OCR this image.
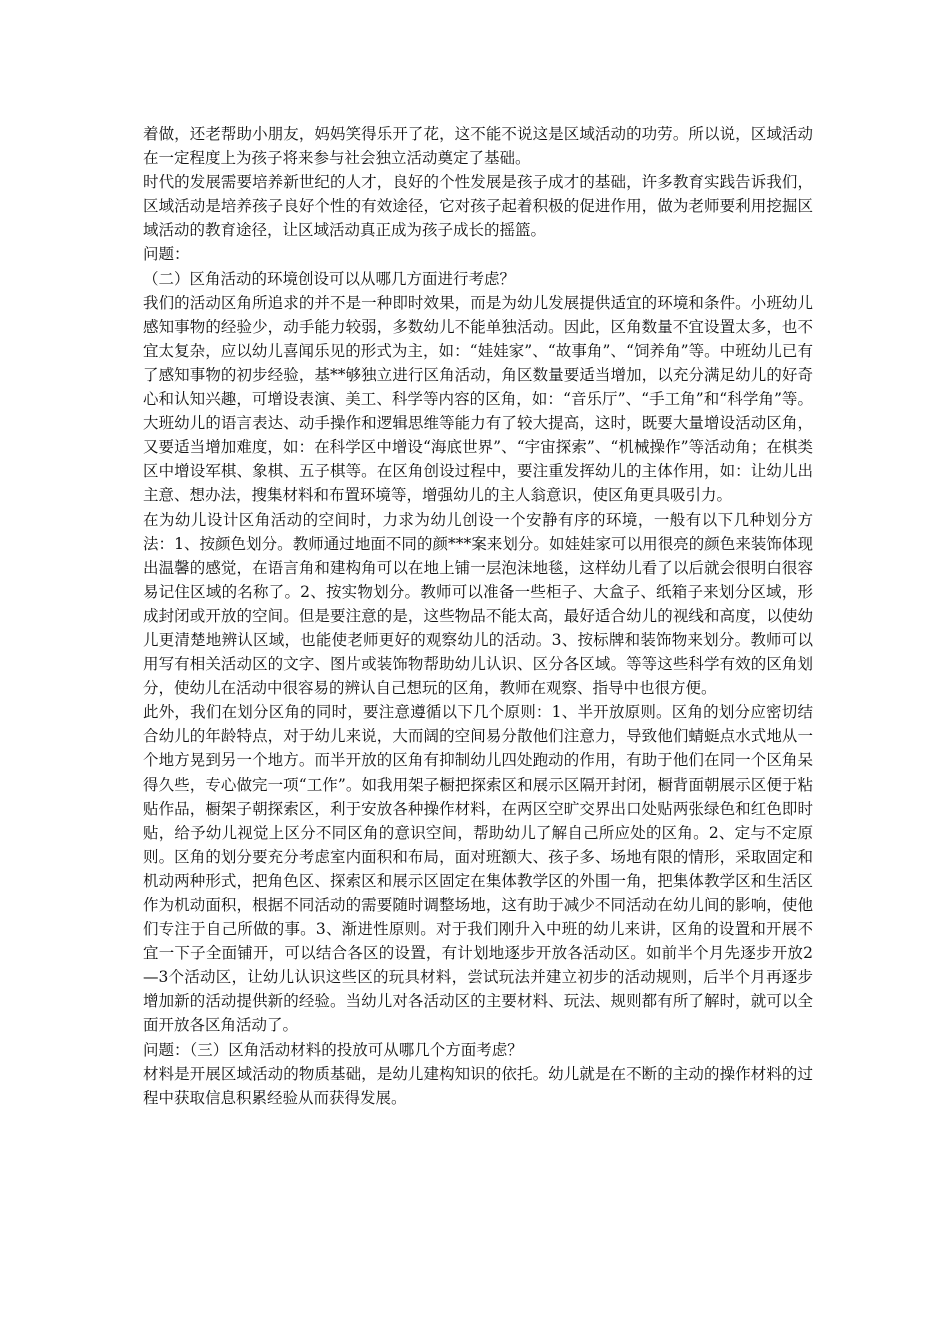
着做，还老帮助小朋友，妈妈笑得乐开了花，这不能不说这是区域活动的功劳。所以说，区域活动在一定程度上为孩子将来参与社会独立活动奠定了基础。

时代的发展需要培养新世纪的人才，良好的个性发展是孩子成才的基础，许多教育实践告诉我们，区域活动是培养孩子良好个性的有效途径，它对孩子起着积极的促进作用，做为老师要利用挖掘区域活动的教育途径，让区域活动真正成为孩子成长的摇篮。

问题：

（二）区角活动的环境创设可以从哪几方面进行考虑？

我们的活动区角所追求的并不是一种即时效果，而是为幼儿发展提供适宜的环境和条件。小班幼儿感知事物的经验少，动手能力较弱，多数幼儿不能单独活动。因此，区角数量不宜设置太多，也不宜太复杂，应以幼儿喜闻乐见的形式为主，如：“娃娃家”、“故事角”、“饲养角”等。中班幼儿已有了感知事物的初步经验，基**够独立进行区角活动，角区数量要适当增加，以充分满足幼儿的好奇心和认知兴趣，可增设表演、美工、科学等内容的区角，如：“音乐厅”、“手工角”和“科学角”等。大班幼儿的语言表达、动手操作和逻辑思维等能力有了较大提高，这时，既要大量增设活动区角，又要适当增加难度，如：在科学区中增设“海底世界”、“宇宙探索”、“机械操作”等活动角；在棋类区中增设军棋、象棋、五子棋等。在区角创设过程中，要注重发挥幼儿的主体作用，如：让幼儿出主意、想办法，搜集材料和布置环境等，增强幼儿的主人翁意识，使区角更具吸引力。

在为幼儿设计区角活动的空间时，力求为幼儿创设一个安静有序的环境，一般有以下几种划分方法：1、按颜色划分。教师通过地面不同的颜***案来划分。如娃娃家可以用很亮的颜色来装饰体现出温馨的感觉，在语言角和建构角可以在地上铺一层泡沫地毯，这样幼儿看了以后就会很明白很容易记住区域的名称了。2、按实物划分。教师可以准备一些柜子、大盒子、纸箱子来划分区域，形成封闭或开放的空间。但是要注意的是，这些物品不能太高，最好适合幼儿的视线和高度，以使幼儿更清楚地辨认区域，也能使老师更好的观察幼儿的活动。3、按标牌和装饰物来划分。教师可以用写有相关活动区的文字、图片或装饰物帮助幼儿认识、区分各区域。等等这些科学有效的区角划分，使幼儿在活动中很容易的辨认自己想玩的区角，教师在观察、指导中也很方便。

此外，我们在划分区角的同时，要注意遵循以下几个原则：1、半开放原则。区角的划分应密切结合幼儿的年龄特点，对于幼儿来说，大而阔的空间易分散他们注意力，导致他们蜻蜓点水式地从一个地方晃到另一个地方。而半开放的区角有抑制幼儿四处跑动的作用，有助于他们在同一个区角呆得久些，专心做完一项“工作”。如我用架子橱把探索区和展示区隔开封闭，橱背面朝展示区便于粘贴作品，橱架子朝探索区，利于安放各种操作材料，在两区空旷交界出口处贴两张绿色和红色即时贴，给予幼儿视觉上区分不同区角的意识空间，帮助幼儿了解自己所应处的区角。2、定与不定原则。区角的划分要充分考虑室内面积和布局，面对班额大、孩子多、场地有限的情形，采取固定和机动两种形式，把角色区、探索区和展示区固定在集体教学区的外围一角，把集体教学区和生活区作为机动面积，根据不同活动的需要随时调整场地，这有助于减少不同活动在幼儿间的影响，使他们专注于自己所做的事。3、渐进性原则。对于我们刚升入中班的幼儿来讲，区角的设置和开展不宜一下子全面铺开，可以结合各区的设置，有计划地逐步开放各活动区。如前半个月先逐步开放2—3个活动区，让幼儿认识这些区的玩具材料，尝试玩法并建立初步的活动规则，后半个月再逐步增加新的活动提供新的经验。当幼儿对各活动区的主要材料、玩法、规则都有所了解时，就可以全面开放各区角活动了。

问题：（三）区角活动材料的投放可从哪几个方面考虑？

材料是开展区域活动的物质基础，是幼儿建构知识的依托。幼儿就是在不断的主动的操作材料的过程中获取信息积累经验从而获得发展。
